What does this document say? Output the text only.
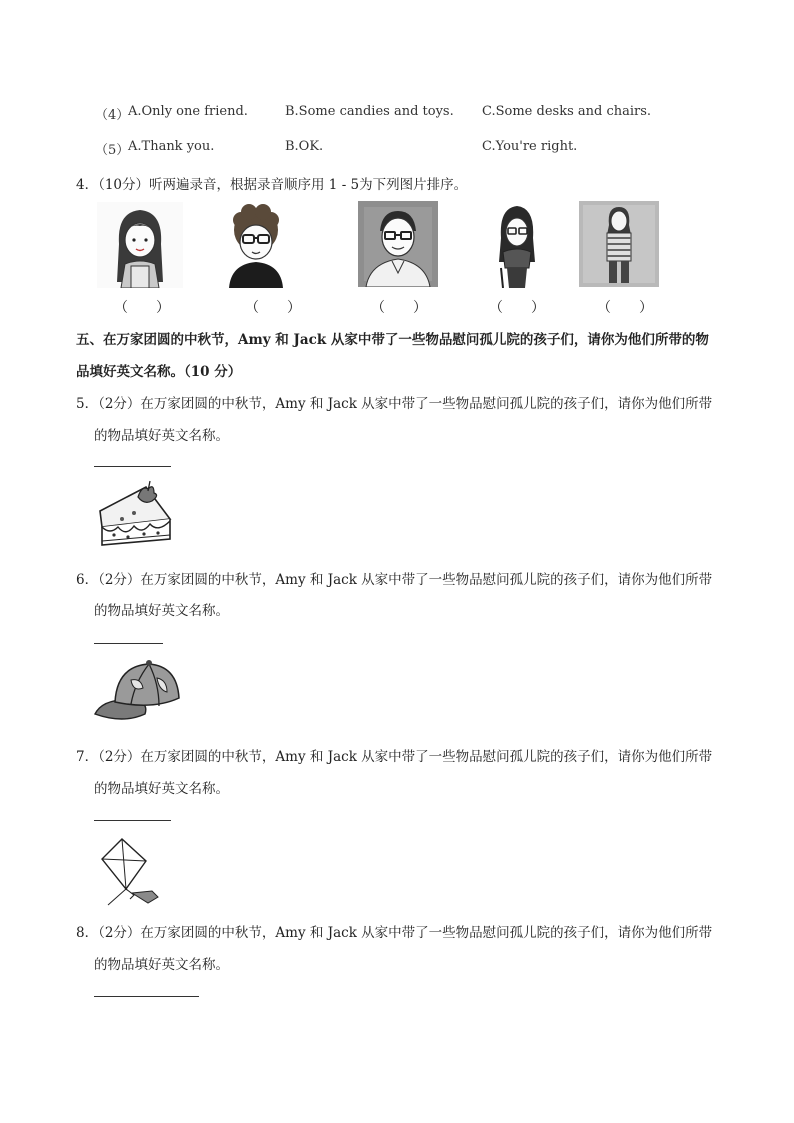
（4）
A.Only one friend.	B.Some candies and toys. C.Some desks and chairs.
（5）
A.Thank you.	B.OK.	C.You're right.
4．（10分）听两遍录音，根据录音顺序用 1 - 5为下列图片排序。
（　　）	（　　）	（　　）	（　　）	（　　）
五、在万家团圆的中秋节，Amy 和 Jack 从家中带了一些物品慰问孤儿院的孩子们，请你为他们所带的物
品填好英文名称。（10 分）
5．（2分）在万家团圆的中秋节，Amy 和 Jack 从家中带了一些物品慰问孤儿院的孩子们，请你为他们所带
的物品填好英文名称。
6．（2分）在万家团圆的中秋节，Amy 和 Jack 从家中带了一些物品慰问孤儿院的孩子们，请你为他们所带
的物品填好英文名称。
7．（2分）在万家团圆的中秋节，Amy 和 Jack 从家中带了一些物品慰问孤儿院的孩子们，请你为他们所带
的物品填好英文名称。
8．（2分）在万家团圆的中秋节，Amy 和 Jack 从家中带了一些物品慰问孤儿院的孩子们，请你为他们所带
的物品填好英文名称。
